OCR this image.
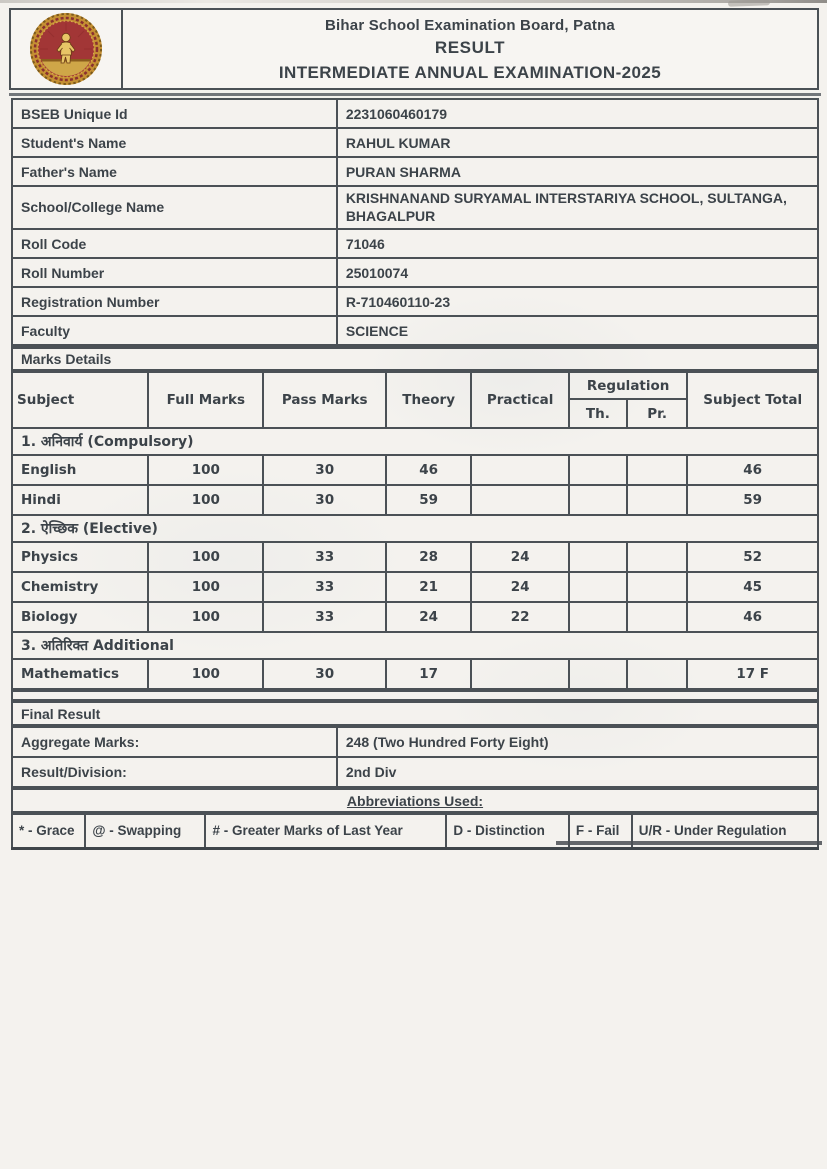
Bihar School Examination Board, Patna
RESULT
INTERMEDIATE ANNUAL EXAMINATION-2025
BSEB Unique Id	2231060460179
Student's Name	RAHUL KUMAR
Father's Name	PURAN SHARMA
School/College Name	KRISHNANAND SURYAMAL INTERSTARIYA SCHOOL, SULTANGA, BHAGALPUR
Roll Code	71046
Roll Number	25010074
Registration Number	R-710460110-23
Faculty	SCIENCE
Marks Details
Subject	Full Marks	Pass Marks	Theory	Practical	Regulation		Subject Total
					Th.	Pr.	
1. अनिवार्य (Compulsory)							
English	100	30	46				46
Hindi	100	30	59				59
2. ऐच्छिक (Elective)							
Physics	100	33	28	24			52
Chemistry	100	33	21	24			45
Biology	100	33	24	22			46
3. अतिरिक्त Additional							
Mathematics	100	30	17				17 F
Final Result
Aggregate Marks:	248 (Two Hundred Forty Eight)
Result/Division:	2nd Div
Abbreviations Used:
* - Grace	@ - Swapping	# - Greater Marks of Last Year	D - Distinction	F - Fail	U/R - Under Regulation
